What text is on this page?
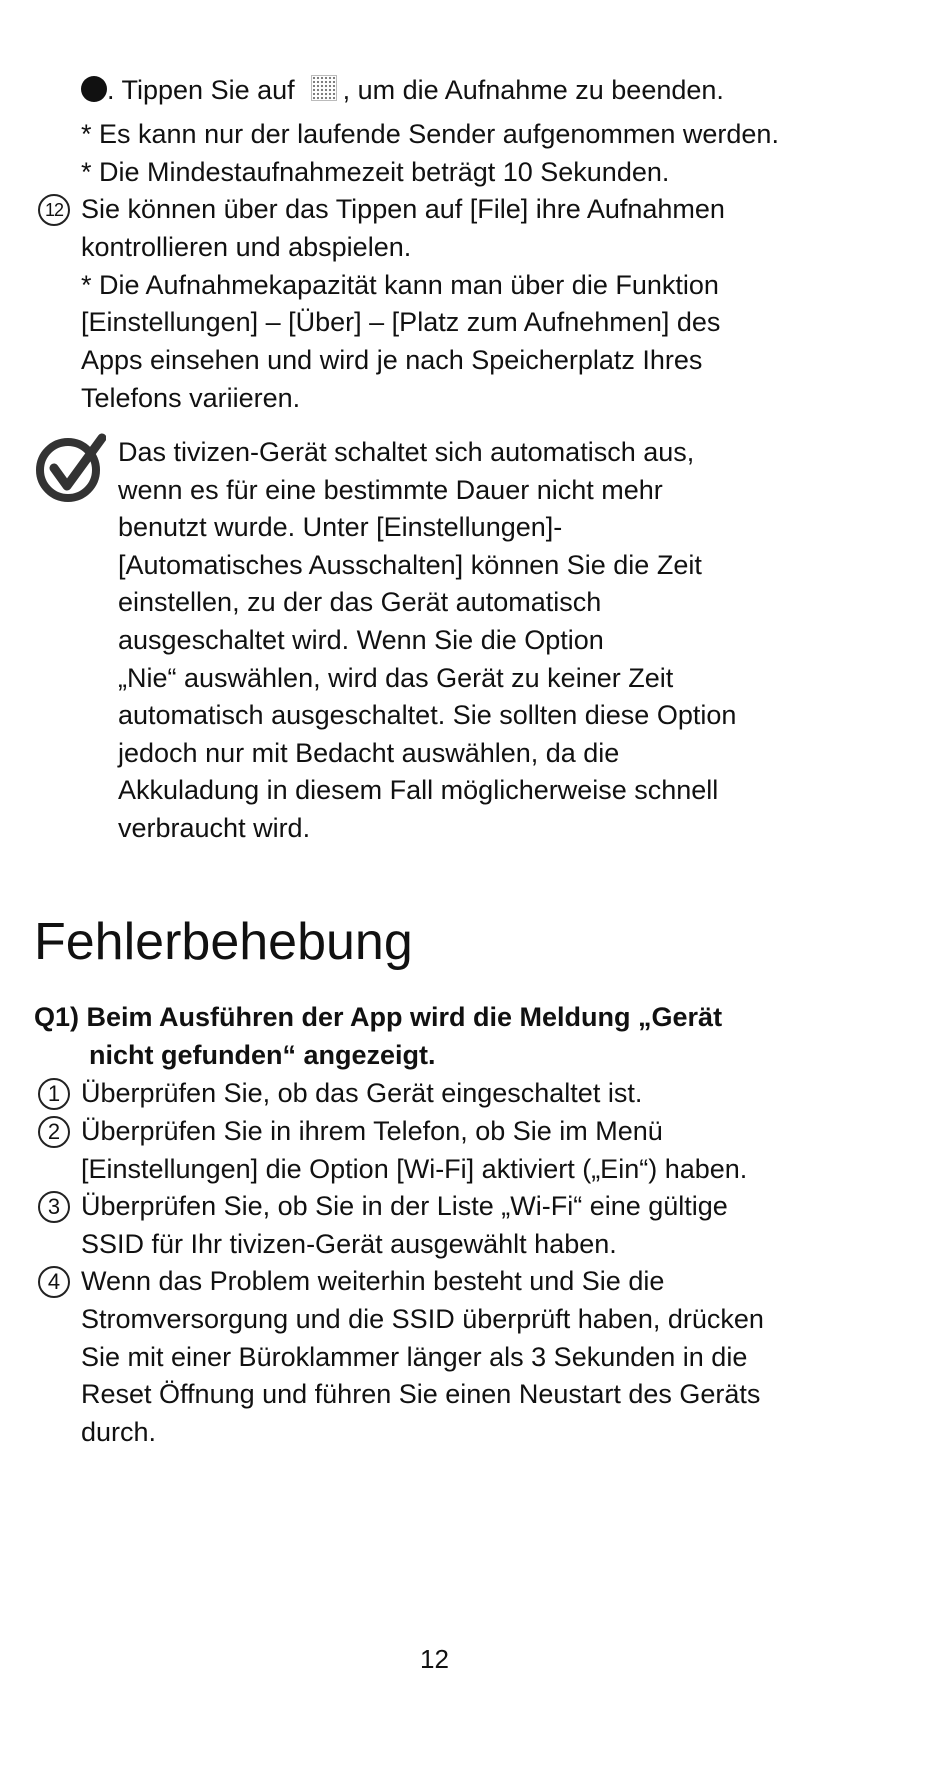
. Tippen Sie auf , um die Aufnahme zu beenden.
* Es kann nur der laufende Sender aufgenommen werden.
* Die Mindestaufnahmezeit beträgt 10 Sekunden.
12 Sie können über das Tippen auf [File] ihre Aufnahmen
kontrollieren und abspielen.
* Die Aufnahmekapazität kann man über die Funktion
[Einstellungen] – [Über] – [Platz zum Aufnehmen] des
Apps einsehen und wird je nach Speicherplatz Ihres
Telefons variieren.
Das tivizen-Gerät schaltet sich automatisch aus,
wenn es für eine bestimmte Dauer nicht mehr
benutzt wurde. Unter [Einstellungen]-
[Automatisches Ausschalten] können Sie die Zeit
einstellen, zu der das Gerät automatisch
ausgeschaltet wird. Wenn Sie die Option
„Nie“ auswählen, wird das Gerät zu keiner Zeit
automatisch ausgeschaltet. Sie sollten diese Option
jedoch nur mit Bedacht auswählen, da die
Akkuladung in diesem Fall möglicherweise schnell
verbraucht wird.
Fehlerbehebung
Q1) Beim Ausführen der App wird die Meldung „Gerät
nicht gefunden“ angezeigt.
1 Überprüfen Sie, ob das Gerät eingeschaltet ist.
2 Überprüfen Sie in ihrem Telefon, ob Sie im Menü
[Einstellungen] die Option [Wi-Fi] aktiviert („Ein“) haben.
3 Überprüfen Sie, ob Sie in der Liste „Wi-Fi“ eine gültige
SSID für Ihr tivizen-Gerät ausgewählt haben.
4 Wenn das Problem weiterhin besteht und Sie die
Stromversorgung und die SSID überprüft haben, drücken
Sie mit einer Büroklammer länger als 3 Sekunden in die
Reset Öffnung und führen Sie einen Neustart des Geräts
durch.
12
